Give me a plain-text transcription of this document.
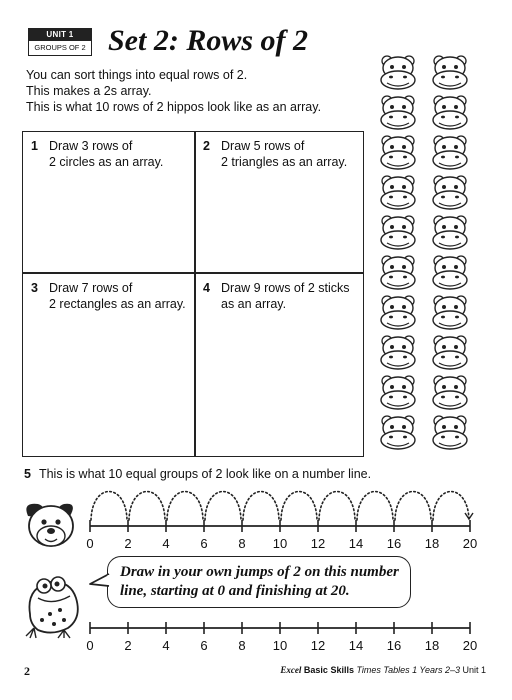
UNIT 1
GROUPS OF 2 Set 2: Rows of 2
You can sort things into equal rows of 2.
This makes a 2s array.
This is what 10 rows of 2 hippos look like as an array.
1 Draw 3 rows of
2 circles as an array.
2 Draw 5 rows of
2 triangles as an array.
3 Draw 7 rows of
2 rectangles as an array.
4 Draw 9 rows of 2 sticks
as an array.
5 This is what 10 equal groups of 2 look like on a number line.
0 2 4 6 8 10 12 14 16 18 20
Draw in your own jumps of 2 on this number line, starting at 0 and finishing at 20.
0 2 4 6 8 10 12 14 16 18 20
2	Excel Basic Skills Times Tables 1 Years 2–3 Unit 1
